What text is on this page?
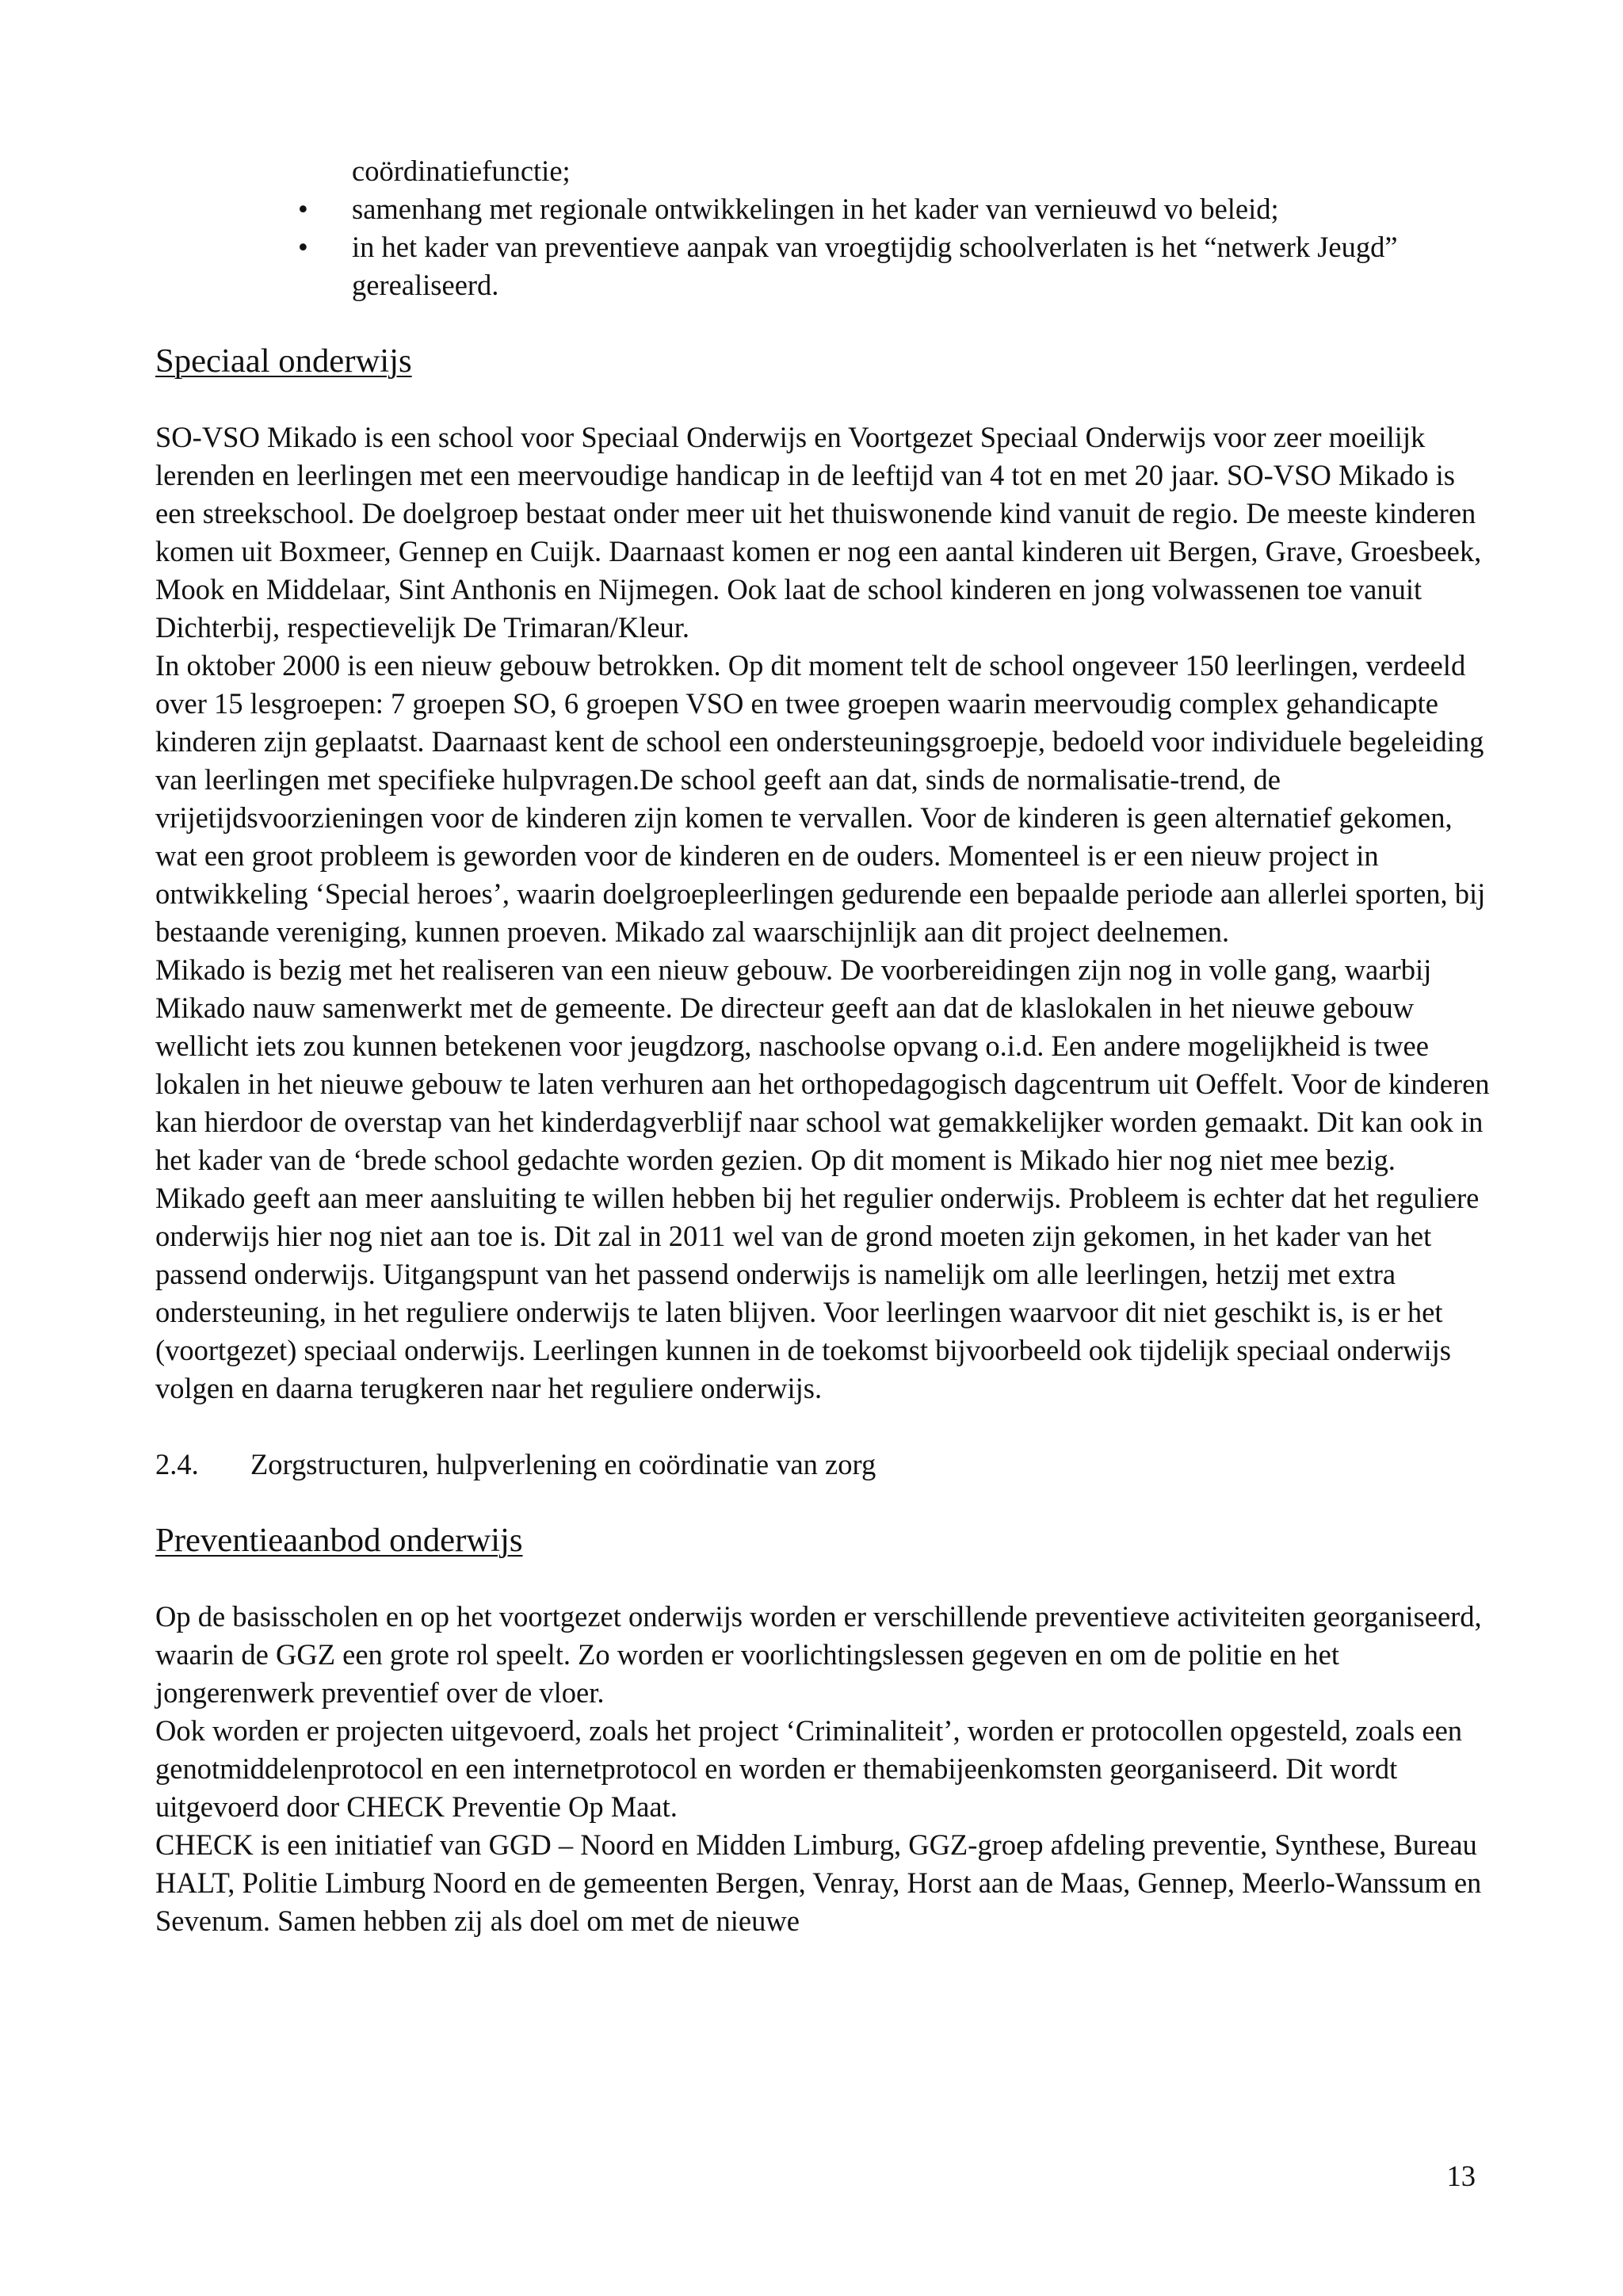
coördinatiefunctie;
• samenhang met regionale ontwikkelingen in het kader van vernieuwd vo beleid;
• in het kader van preventieve aanpak van vroegtijdig schoolverlaten is het “netwerk Jeugd” gerealiseerd.
Speciaal onderwijs

SO-VSO Mikado is een school voor Speciaal Onderwijs en Voortgezet Speciaal Onderwijs voor zeer moeilijk lerenden en leerlingen met een meervoudige handicap in de leeftijd van 4 tot en met 20 jaar. SO-VSO Mikado is een streekschool. De doelgroep bestaat onder meer uit het thuiswonende kind vanuit de regio. De meeste kinderen komen uit Boxmeer, Gennep en Cuijk. Daarnaast komen er nog een aantal kinderen uit Bergen, Grave, Groesbeek, Mook en Middelaar, Sint Anthonis en Nijmegen. Ook laat de school kinderen en jong volwassenen toe vanuit Dichterbij, respectievelijk De Trimaran/Kleur.

In oktober 2000 is een nieuw gebouw betrokken. Op dit moment telt de school ongeveer 150 leerlingen, verdeeld over 15 lesgroepen: 7 groepen SO, 6 groepen VSO en twee groepen waarin meervoudig complex gehandicapte kinderen zijn geplaatst. Daarnaast kent de school een ondersteuningsgroepje, bedoeld voor individuele begeleiding van leerlingen met specifieke hulpvragen.De school geeft aan dat, sinds de normalisatie-trend, de vrijetijdsvoorzieningen voor de kinderen zijn komen te vervallen. Voor de kinderen is geen alternatief gekomen, wat een groot probleem is geworden voor de kinderen en de ouders. Momenteel is er een nieuw project in ontwikkeling ‘Special heroes’, waarin doelgroepleerlingen gedurende een bepaalde periode aan allerlei sporten, bij bestaande vereniging, kunnen proeven. Mikado zal waarschijnlijk aan dit project deelnemen.

Mikado is bezig met het realiseren van een nieuw gebouw. De voorbereidingen zijn nog in volle gang, waarbij Mikado nauw samenwerkt met de gemeente. De directeur geeft aan dat de klaslokalen in het nieuwe gebouw wellicht iets zou kunnen betekenen voor jeugdzorg, naschoolse opvang o.i.d. Een andere mogelijkheid is twee lokalen in het nieuwe gebouw te laten verhuren aan het orthopedagogisch dagcentrum uit Oeffelt. Voor de kinderen kan hierdoor de overstap van het kinderdagverblijf naar school wat gemakkelijker worden gemaakt. Dit kan ook in het kader van de ‘brede school gedachte worden gezien. Op dit moment is Mikado hier nog niet mee bezig.

Mikado geeft aan meer aansluiting te willen hebben bij het regulier onderwijs. Probleem is echter dat het reguliere onderwijs hier nog niet aan toe is. Dit zal in 2011 wel van de grond moeten zijn gekomen, in het kader van het passend onderwijs. Uitgangspunt van het passend onderwijs is namelijk om alle leerlingen, hetzij met extra ondersteuning, in het reguliere onderwijs te laten blijven. Voor leerlingen waarvoor dit niet geschikt is, is er het (voortgezet) speciaal onderwijs. Leerlingen kunnen in de toekomst bijvoorbeeld ook tijdelijk speciaal onderwijs volgen en daarna terugkeren naar het reguliere onderwijs.

2.4.	Zorgstructuren, hulpverlening en coördinatie van zorg
Preventieaanbod onderwijs

Op de basisscholen en op het voortgezet onderwijs worden er verschillende preventieve activiteiten georganiseerd, waarin de GGZ een grote rol speelt. Zo worden er voorlichtingslessen gegeven en om de politie en het jongerenwerk preventief over de vloer.

Ook worden er projecten uitgevoerd, zoals het project ‘Criminaliteit’, worden er protocollen opgesteld, zoals een genotmiddelenprotocol en een internetprotocol en worden er themabijeenkomsten georganiseerd. Dit wordt uitgevoerd door CHECK Preventie Op Maat.

CHECK is een initiatief van GGD – Noord en Midden Limburg, GGZ-groep afdeling preventie, Synthese, Bureau HALT, Politie Limburg Noord en de gemeenten Bergen, Venray, Horst aan de Maas, Gennep, Meerlo-Wanssum en Sevenum. Samen hebben zij als doel om met de nieuwe

13
